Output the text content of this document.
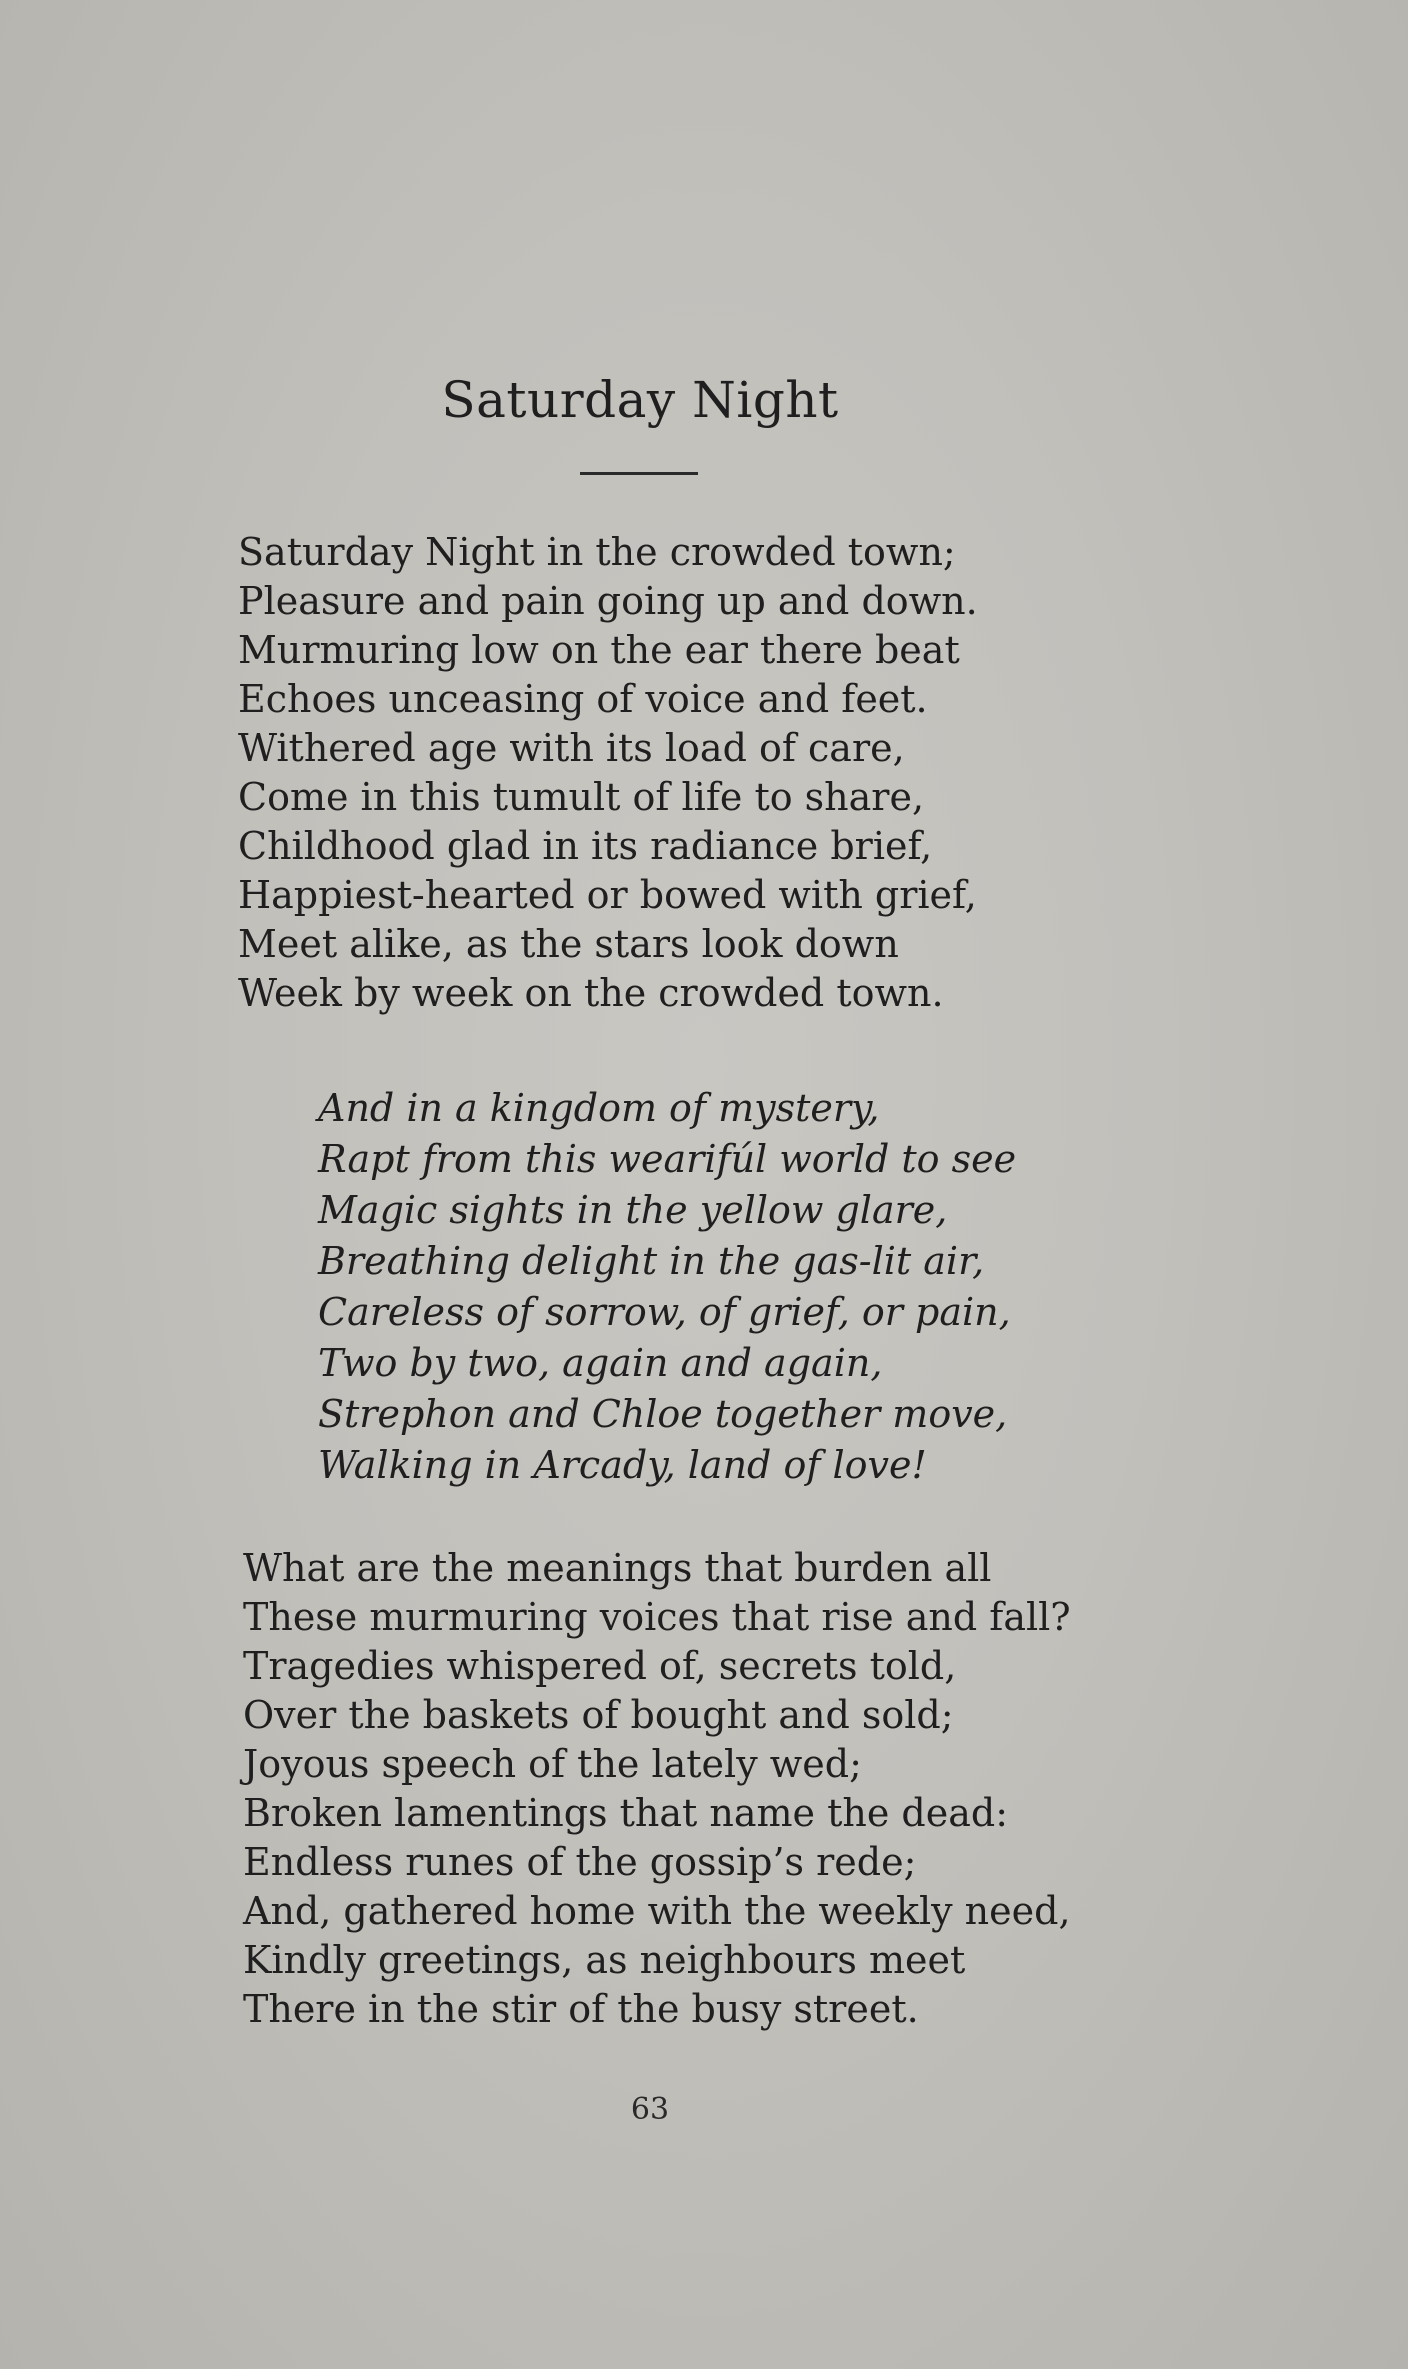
Saturday Night
Saturday Night in the crowded town;
Pleasure and pain going up and down.
Murmuring low on the ear there beat
Echoes unceasing of voice and feet.
Withered age with its load of care,
Come in this tumult of life to share,
Childhood glad in its radiance brief,
Happiest-hearted or bowed with grief,
Meet alike, as the stars look down
Week by week on the crowded town.
And in a kingdom of mystery,
Rapt from this wearifúl world to see
Magic sights in the yellow glare,
Breathing delight in the gas-lit air,
Careless of sorrow, of grief, or pain,
Two by two, again and again,
Strephon and Chloe together move,
Walking in Arcady, land of love!
What are the meanings that burden all
These murmuring voices that rise and fall?
Tragedies whispered of, secrets told,
Over the baskets of bought and sold;
Joyous speech of the lately wed;
Broken lamentings that name the dead:
Endless runes of the gossip’s rede;
And, gathered home with the weekly need,
Kindly greetings, as neighbours meet
There in the stir of the busy street.
63
